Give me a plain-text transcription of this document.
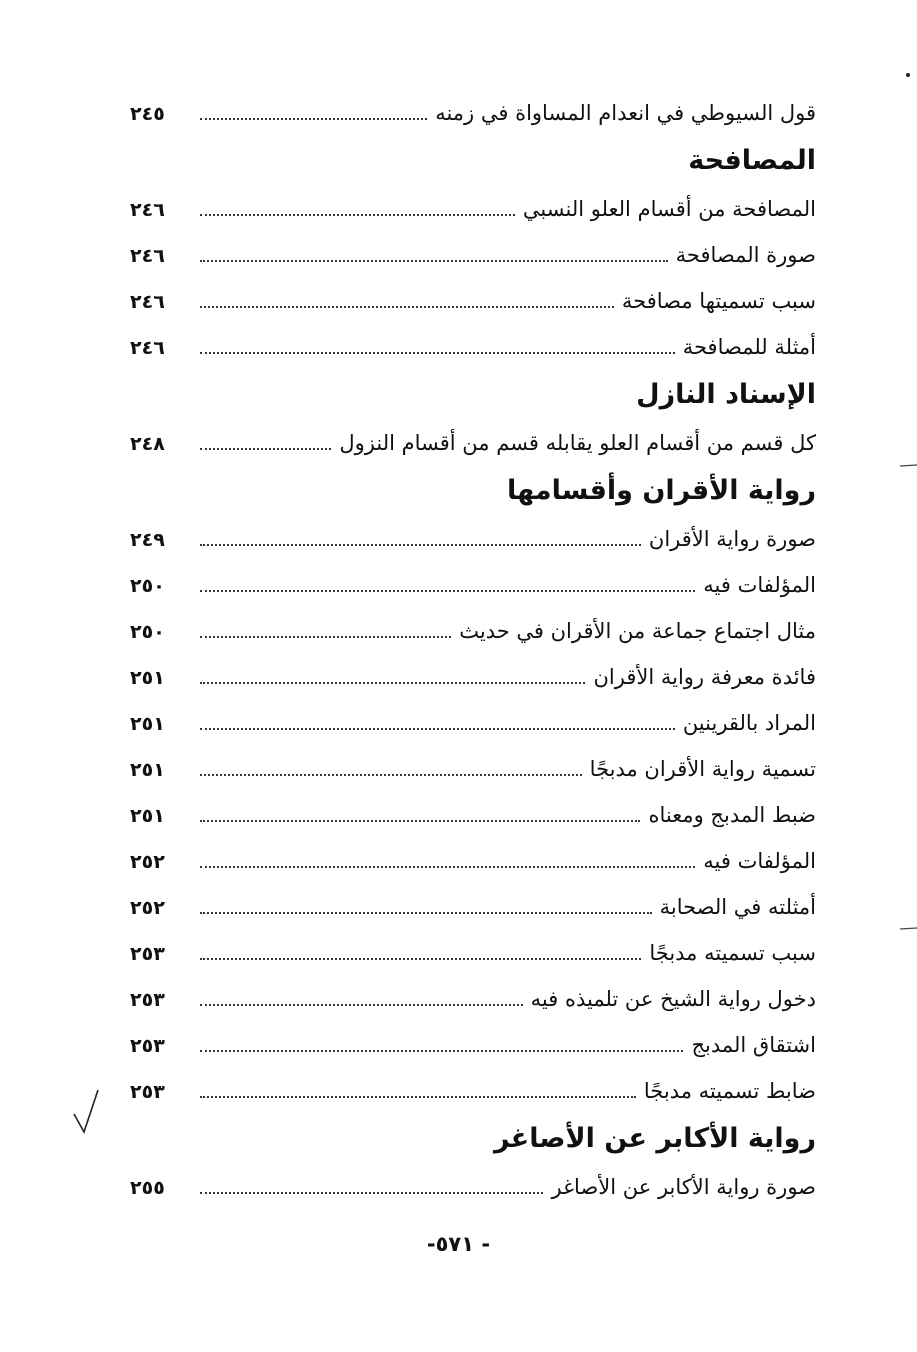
قول السيوطي في انعدام المساواة في زمنه
٢٤٥
المصافحة
المصافحة من أقسام العلو النسبي
٢٤٦
صورة المصافحة
٢٤٦
سبب تسميتها مصافحة
٢٤٦
أمثلة للمصافحة
٢٤٦
الإسناد النازل
كل قسم من أقسام العلو يقابله قسم من أقسام النزول
٢٤٨
رواية الأقران وأقسامها
صورة رواية الأقران
٢٤٩
المؤلفات فيه
٢٥٠
مثال اجتماع جماعة من الأقران في حديث
٢٥٠
فائدة معرفة رواية الأقران
٢٥١
المراد بالقرينين
٢٥١
تسمية رواية الأقران مدبجًا
٢٥١
ضبط المدبج ومعناه
٢٥١
المؤلفات فيه
٢٥٢
أمثلته في الصحابة
٢٥٢
سبب تسميته مدبجًا
٢٥٣
دخول رواية الشيخ عن تلميذه فيه
٢٥٣
اشتقاق المدبج
٢٥٣
ضابط تسميته مدبجًا
٢٥٣
رواية الأكابر عن الأصاغر
صورة رواية الأكابر عن الأصاغر
٢٥٥
- ٥٧١-
